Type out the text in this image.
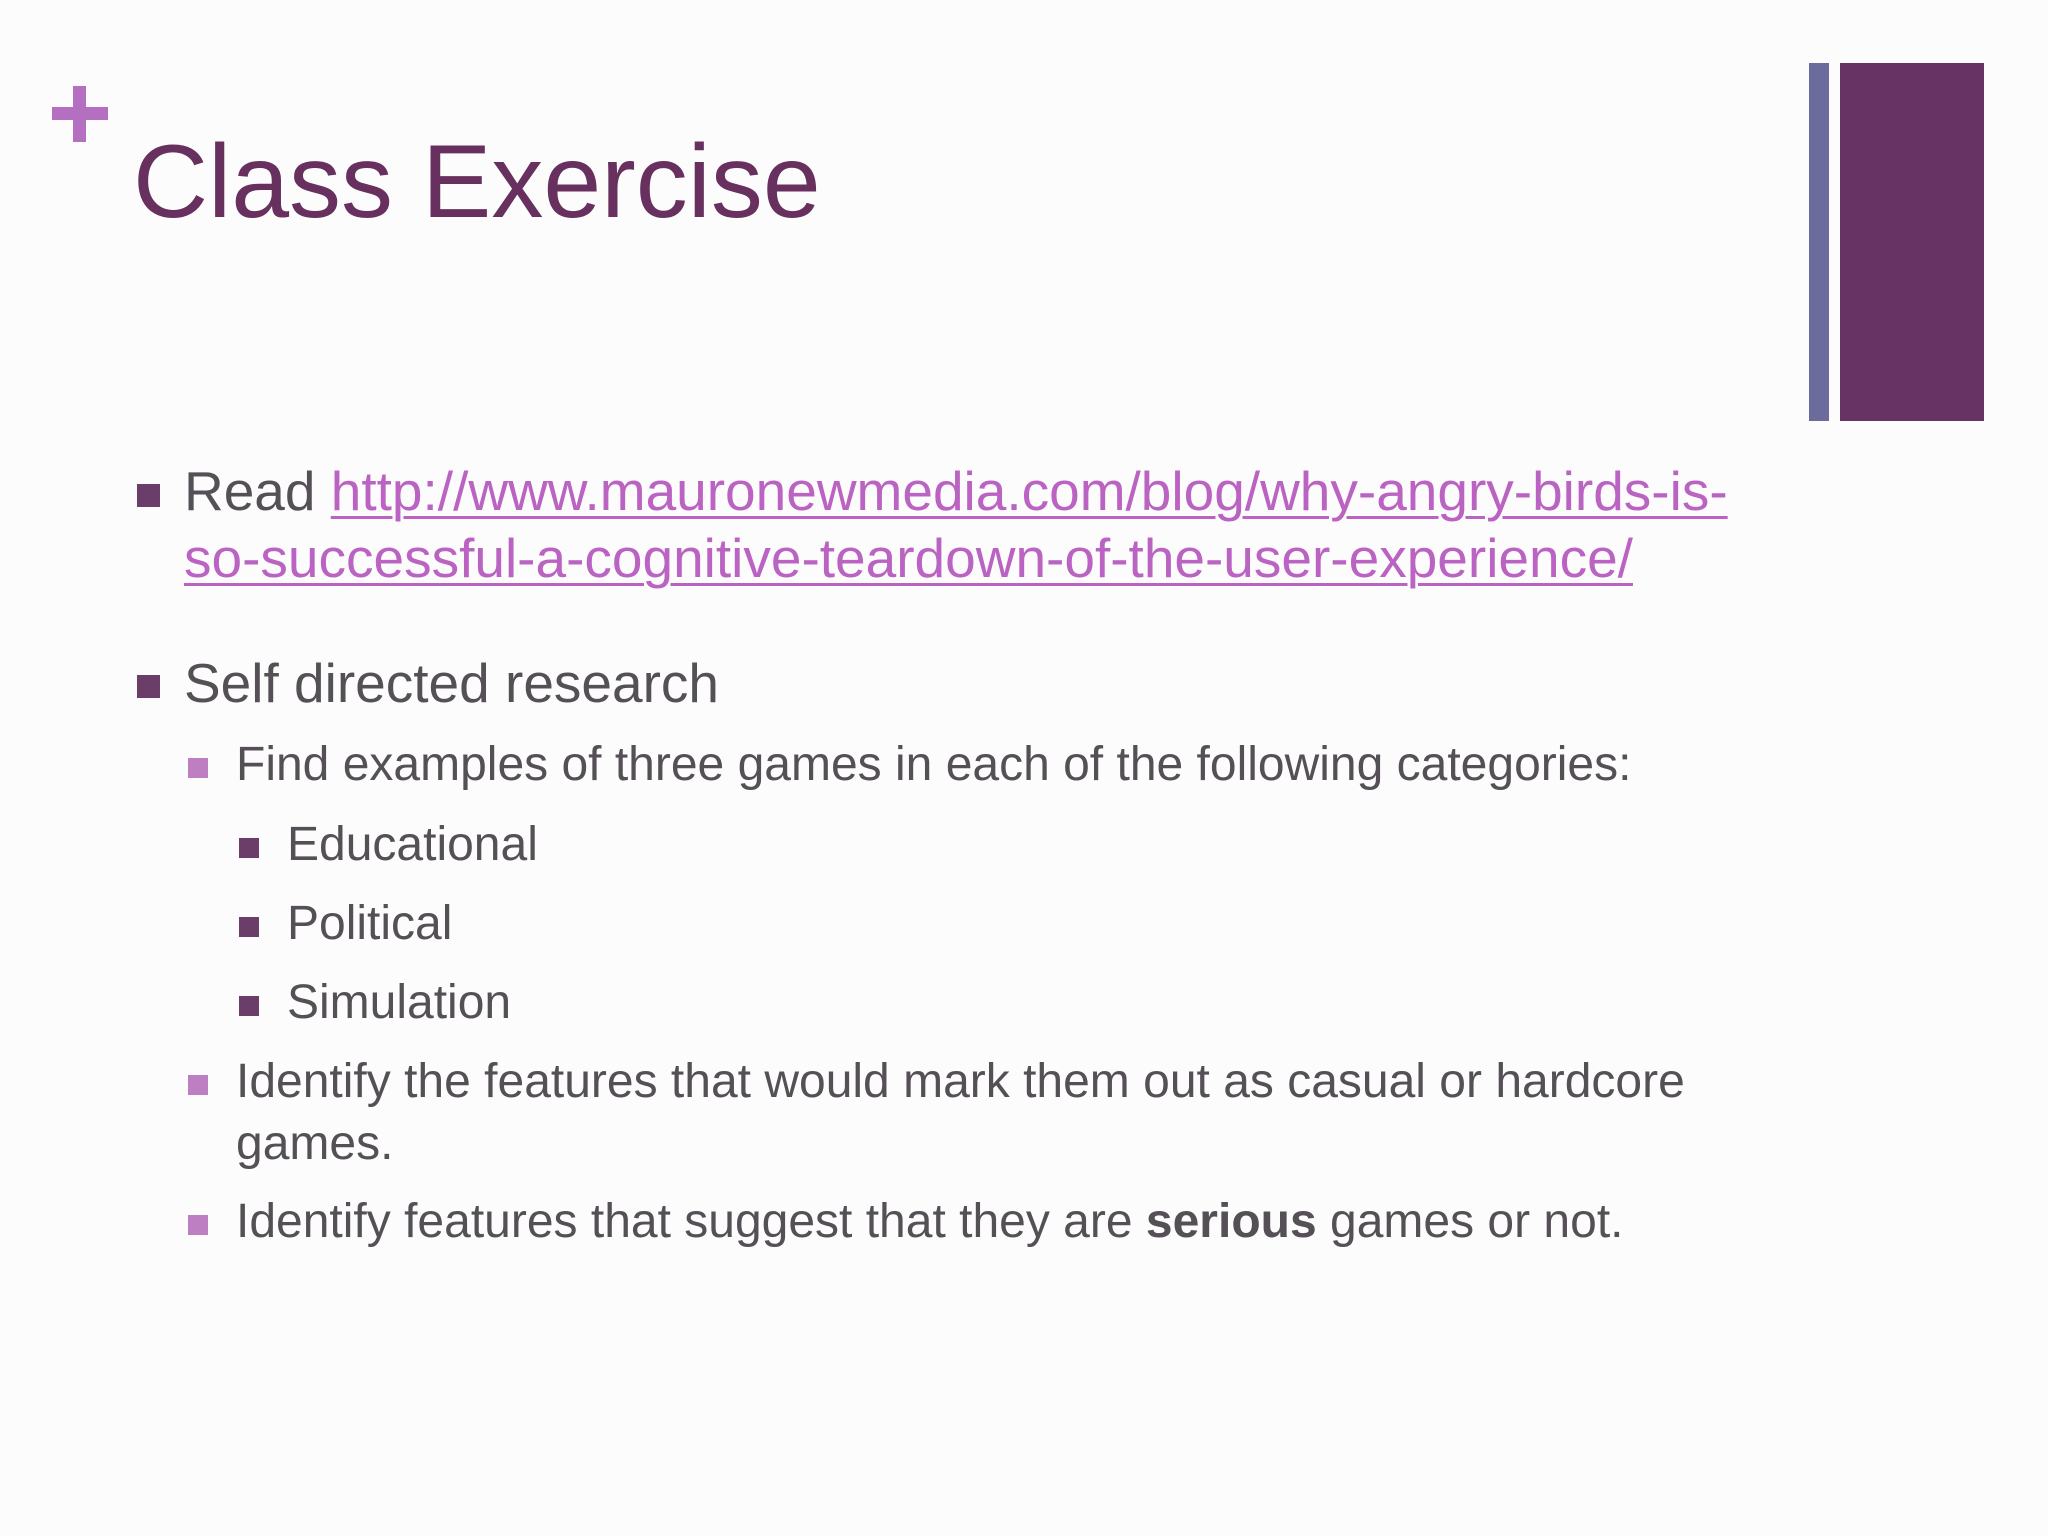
Class Exercise
Read http://www.mauronewmedia.com/blog/why-angry-birds-is-
so-successful-a-cognitive-teardown-of-the-user-experience/
Self directed research
Find examples of three games in each of the following categories:
Educational
Political
Simulation
Identify the features that would mark them out as casual or hardcore
games.
Identify features that suggest that they are serious games or not.
